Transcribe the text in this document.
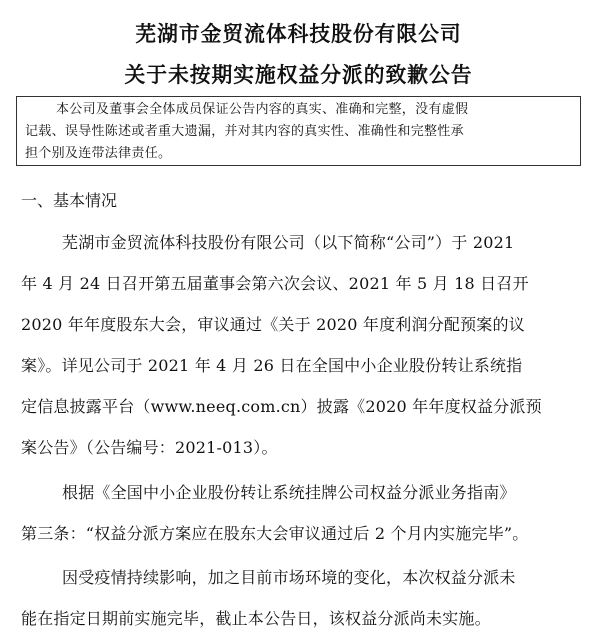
芜湖市金贸流体科技股份有限公司
关于未按期实施权益分派的致歉公告
本公司及董事会全体成员保证公告内容的真实、准确和完整，没有虚假
记载、误导性陈述或者重大遗漏，并对其内容的真实性、准确性和完整性承
担个别及连带法律责任。
一、基本情况
芜湖市金贸流体科技股份有限公司（以下简称“公司”）于 2021
年 4 月 24 日召开第五届董事会第六次会议、2021 年 5 月 18 日召开
2020 年年度股东大会，审议通过《关于 2020 年度利润分配预案的议
案》。详见公司于 2021 年 4 月 26 日在全国中小企业股份转让系统指
定信息披露平台（www.neeq.com.cn）披露《2020 年年度权益分派预
案公告》（公告编号：2021-013）。
根据《全国中小企业股份转让系统挂牌公司权益分派业务指南》
第三条：“权益分派方案应在股东大会审议通过后 2 个月内实施完毕”。
因受疫情持续影响，加之目前市场环境的变化，本次权益分派未
能在指定日期前实施完毕，截止本公告日，该权益分派尚未实施。
